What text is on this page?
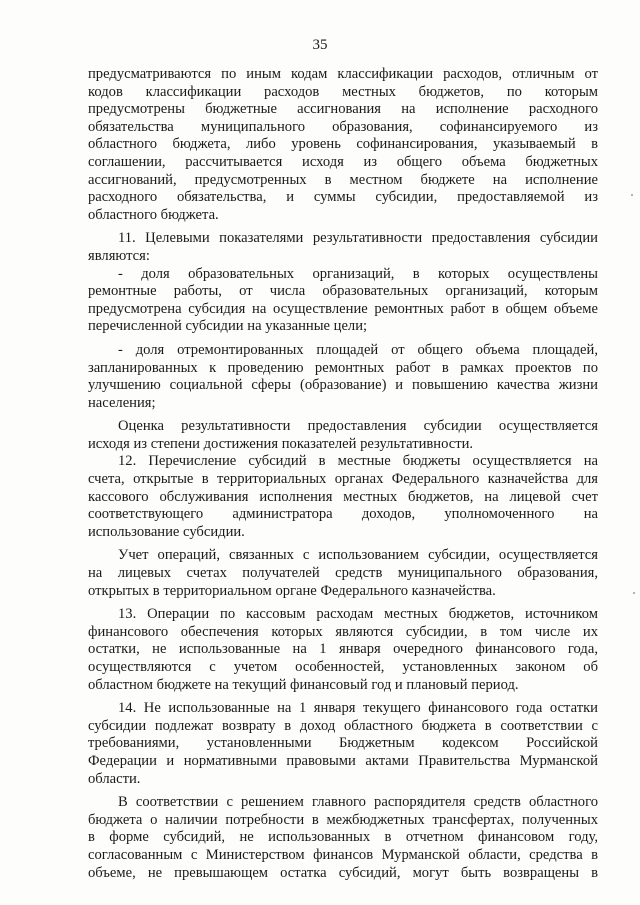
35
предусматриваются по иным кодам классификации расходов, отличным от
кодов классификации расходов местных бюджетов, по которым
предусмотрены бюджетные ассигнования на исполнение расходного
обязательства муниципального образования, софинансируемого из
областного бюджета, либо уровень софинансирования, указываемый в
соглашении, рассчитывается исходя из общего объема бюджетных
ассигнований, предусмотренных в местном бюджете на исполнение
расходного обязательства, и суммы субсидии, предоставляемой из
областного бюджета.
11. Целевыми показателями результативности предоставления субсидии
являются:
- доля образовательных организаций, в которых осуществлены
ремонтные работы, от числа образовательных организаций, которым
предусмотрена субсидия на осуществление ремонтных работ в общем объеме
перечисленной субсидии на указанные цели;
- доля отремонтированных площадей от общего объема площадей,
запланированных к проведению ремонтных работ в рамках проектов по
улучшению социальной сферы (образование) и повышению качества жизни
населения;
Оценка результативности предоставления субсидии осуществляется
исходя из степени достижения показателей результативности.
12. Перечисление субсидий в местные бюджеты осуществляется на
счета, открытые в территориальных органах Федерального казначейства для
кассового обслуживания исполнения местных бюджетов, на лицевой счет
соответствующего администратора доходов, уполномоченного на
использование субсидии.
Учет операций, связанных с использованием субсидии, осуществляется
на лицевых счетах получателей средств муниципального образования,
открытых в территориальном органе Федерального казначейства.
13. Операции по кассовым расходам местных бюджетов, источником
финансового обеспечения которых являются субсидии, в том числе их
остатки, не использованные на 1 января очередного финансового года,
осуществляются с учетом особенностей, установленных законом об
областном бюджете на текущий финансовый год и плановый период.
14. Не использованные на 1 января текущего финансового года остатки
субсидии подлежат возврату в доход областного бюджета в соответствии с
требованиями, установленными Бюджетным кодексом Российской
Федерации и нормативными правовыми актами Правительства Мурманской
области.
В соответствии с решением главного распорядителя средств областного
бюджета о наличии потребности в межбюджетных трансфертах, полученных
в форме субсидий, не использованных в отчетном финансовом году,
согласованным с Министерством финансов Мурманской области, средства в
объеме, не превышающем остатка субсидий, могут быть возвращены в
